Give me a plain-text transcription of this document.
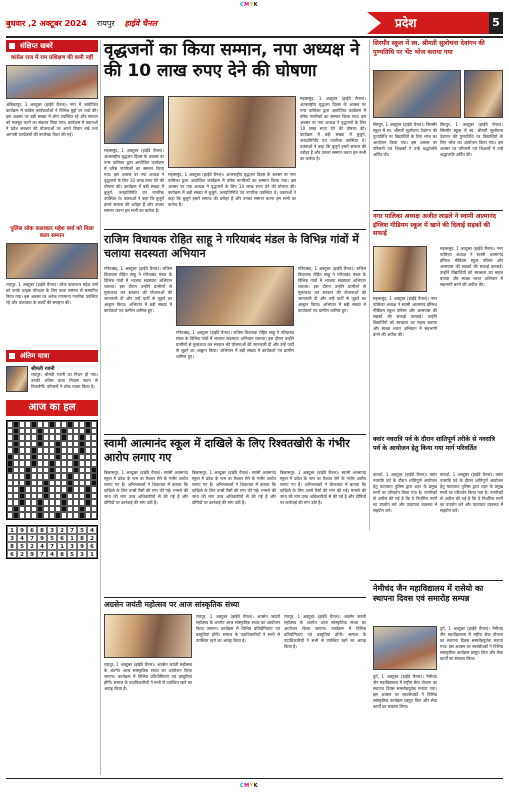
CMYK
CMYK
बुधवार ,2 अक्टूबर 2024 रायपुर हाईवे चैनल	प्रदेश	5
संक्षिप्त खबरें
कांग्रेस राज में राम प्रशिक्षण की कमी नहीं
अंबिकापुर, 1 अक्टूबर (हाईवे चैनल)। नगर में आयोजित कार्यक्रम में कांग्रेस कार्यकर्ताओं ने विभिन्न मुद्दों पर चर्चा की। इस अवसर पर बड़ी संख्या में लोग उपस्थित रहे और संगठन को मजबूत करने का संकल्प लिया गया। कार्यक्रम में वक्ताओं ने प्रदेश सरकार की योजनाओं पर अपने विचार रखे तथा आगामी कार्यक्रमों की रूपरेखा तैयार की गई।
पुलिस लोक कलाकार महेश वर्मा को मिला कला सम्मान
रायपुर, 1 अक्टूबर (हाईवे चैनल)। लोक कलाकार महेश वर्मा को उनके उत्कृष्ट योगदान के लिए कला सम्मान से सम्मानित किया गया। इस अवसर पर अनेक गणमान्य नागरिक उपस्थित रहे और कलाकार के कार्यों की सराहना की।
अंतिम यात्रा
श्रीमती रजनी
रायपुर। श्रीमती रजनी का निधन हो गया। उनकी अंतिम यात्रा निवास स्थान से निकलेगी। परिजनों ने शोक व्यक्त किया है।
आज का हल
1	9	6	8	3	2	7	5	4
3	4	7	9	5	6	1	8	2
8	5	2	4	7	1	3	9	6
6	2	9	7	4	8	5	3	1
वृद्धजनों का किया सम्मान, नपा अध्यक्ष ने की 10 लाख रुपए देने की घोषणा
महासमुंद, 1 अक्टूबर (हाईवे चैनल)। अंतरराष्ट्रीय वृद्धजन दिवस के अवसर पर नगर पालिका द्वारा आयोजित कार्यक्रम में वरिष्ठ नागरिकों का सम्मान किया गया। इस अवसर पर नपा अध्यक्ष ने वृद्धजनों के लिए 10 लाख रुपए देने की घोषणा की। कार्यक्रम में बड़ी संख्या में बुजुर्ग, जनप्रतिनिधि एवं नागरिक उपस्थित थे। वक्ताओं ने कहा कि बुजुर्ग हमारे समाज की धरोहर हैं और उनका सम्मान करना हम सभी का कर्तव्य है।
महासमुंद, 1 अक्टूबर (हाईवे चैनल)। अंतरराष्ट्रीय वृद्धजन दिवस के अवसर पर नगर पालिका द्वारा आयोजित कार्यक्रम में वरिष्ठ नागरिकों का सम्मान किया गया। इस अवसर पर नपा अध्यक्ष ने वृद्धजनों के लिए 10 लाख रुपए देने की घोषणा की। कार्यक्रम में बड़ी संख्या में बुजुर्ग, जनप्रतिनिधि एवं नागरिक उपस्थित थे। वक्ताओं ने कहा कि बुजुर्ग हमारे समाज की धरोहर हैं और उनका सम्मान करना हम सभी का कर्तव्य है।
महासमुंद, 1 अक्टूबर (हाईवे चैनल)। अंतरराष्ट्रीय वृद्धजन दिवस के अवसर पर नगर पालिका द्वारा आयोजित कार्यक्रम में वरिष्ठ नागरिकों का सम्मान किया गया। इस अवसर पर नपा अध्यक्ष ने वृद्धजनों के लिए 10 लाख रुपए देने की घोषणा की। कार्यक्रम में बड़ी संख्या में बुजुर्ग, जनप्रतिनिधि एवं नागरिक उपस्थित थे। वक्ताओं ने कहा कि बुजुर्ग हमारे समाज की धरोहर हैं और उनका सम्मान करना हम सभी का कर्तव्य है।
राजिम विधायक रोहित साहू ने गरियाबंद मंडल के विभिन्न गांवों में चलाया सदस्यता अभियान
गरियाबंद, 1 अक्टूबर (हाईवे चैनल)। राजिम विधायक रोहित साहू ने गरियाबंद मंडल के विभिन्न गांवों में भाजपा सदस्यता अभियान चलाया। इस दौरान उन्होंने ग्रामीणों से मुलाकात कर सरकार की योजनाओं की जानकारी दी और उन्हें पार्टी से जुड़ने का आह्वान किया। अभियान में बड़ी संख्या में कार्यकर्ता एवं ग्रामीण शामिल हुए।
गरियाबंद, 1 अक्टूबर (हाईवे चैनल)। राजिम विधायक रोहित साहू ने गरियाबंद मंडल के विभिन्न गांवों में भाजपा सदस्यता अभियान चलाया। इस दौरान उन्होंने ग्रामीणों से मुलाकात कर सरकार की योजनाओं की जानकारी दी और उन्हें पार्टी से जुड़ने का आह्वान किया। अभियान में बड़ी संख्या में कार्यकर्ता एवं ग्रामीण शामिल हुए।
गरियाबंद, 1 अक्टूबर (हाईवे चैनल)। राजिम विधायक रोहित साहू ने गरियाबंद मंडल के विभिन्न गांवों में भाजपा सदस्यता अभियान चलाया। इस दौरान उन्होंने ग्रामीणों से मुलाकात कर सरकार की योजनाओं की जानकारी दी और उन्हें पार्टी से जुड़ने का आह्वान किया। अभियान में बड़ी संख्या में कार्यकर्ता एवं ग्रामीण शामिल हुए।
स्वामी आत्मानंद स्कूल में दाखिले के लिए रिश्वतखोरी के गंभीर आरोप लगाए गए
बिलासपुर, 1 अक्टूबर (हाईवे चैनल)। स्वामी आत्मानंद स्कूल में प्रवेश के नाम पर रिश्वत लेने के गंभीर आरोप लगाए गए हैं। अभिभावकों ने शिकायत में बताया कि दाखिले के लिए उनसे पैसों की मांग की गई। मामले की जांच की मांग उच्च अधिकारियों से की गई है और दोषियों पर कार्रवाई की मांग उठी है।
बिलासपुर, 1 अक्टूबर (हाईवे चैनल)। स्वामी आत्मानंद स्कूल में प्रवेश के नाम पर रिश्वत लेने के गंभीर आरोप लगाए गए हैं। अभिभावकों ने शिकायत में बताया कि दाखिले के लिए उनसे पैसों की मांग की गई। मामले की जांच की मांग उच्च अधिकारियों से की गई है और दोषियों पर कार्रवाई की मांग उठी है।
बिलासपुर, 1 अक्टूबर (हाईवे चैनल)। स्वामी आत्मानंद स्कूल में प्रवेश के नाम पर रिश्वत लेने के गंभीर आरोप लगाए गए हैं। अभिभावकों ने शिकायत में बताया कि दाखिले के लिए उनसे पैसों की मांग की गई। मामले की जांच की मांग उच्च अधिकारियों से की गई है और दोषियों पर कार्रवाई की मांग उठी है।
अग्रसेन जयंती महोत्सव पर आज सांस्कृतिक संध्या
रायपुर, 1 अक्टूबर (हाईवे चैनल)। अग्रसेन जयंती महोत्सव के अंतर्गत आज सांस्कृतिक संध्या का आयोजन किया जाएगा। कार्यक्रम में विभिन्न प्रतियोगिताएं एवं प्रस्तुतियां होंगी। समाज के पदाधिकारियों ने सभी से उपस्थित रहने का आग्रह किया है।
रायपुर, 1 अक्टूबर (हाईवे चैनल)। अग्रसेन जयंती महोत्सव के अंतर्गत आज सांस्कृतिक संध्या का आयोजन किया जाएगा। कार्यक्रम में विभिन्न प्रतियोगिताएं एवं प्रस्तुतियां होंगी। समाज के पदाधिकारियों ने सभी से उपस्थित रहने का आग्रह किया है।
रायपुर, 1 अक्टूबर (हाईवे चैनल)। अग्रसेन जयंती महोत्सव के अंतर्गत आज सांस्कृतिक संध्या का आयोजन किया जाएगा। कार्यक्रम में विभिन्न प्रतियोगिताएं एवं प्रस्तुतियां होंगी। समाज के पदाधिकारियों ने सभी से उपस्थित रहने का आग्रह किया है।
सिरमौर स्कूल में स्व. श्रीमती सुलोचना देवांगन की पुण्यतिथि पर भेंट भोज कराया गया
सिरपुर, 1 अक्टूबर (हाईवे चैनल)। सिरमौर स्कूल में स्व. श्रीमती सुलोचना देवांगन की पुण्यतिथि पर विद्यार्थियों के लिए भोज का आयोजन किया गया। इस अवसर पर परिजनों एवं शिक्षकों ने उन्हें श्रद्धांजलि अर्पित की।
सिरपुर, 1 अक्टूबर (हाईवे चैनल)। सिरमौर स्कूल में स्व. श्रीमती सुलोचना देवांगन की पुण्यतिथि पर विद्यार्थियों के लिए भोज का आयोजन किया गया। इस अवसर पर परिजनों एवं शिक्षकों ने उन्हें श्रद्धांजलि अर्पित की।
नगर पालिका अध्यक्ष अजीत लाडले ने स्वामी आत्मानंद इंग्लिश मीडियम स्कूल में खाने की दिलाई सड़कों की सफाई
महासमुंद, 1 अक्टूबर (हाईवे चैनल)। नगर पालिका अध्यक्ष ने स्वामी आत्मानंद इंग्लिश मीडियम स्कूल परिसर और आसपास की सड़कों की सफाई करवाई। उन्होंने विद्यार्थियों को स्वच्छता का महत्व बताया और स्वच्छ भारत अभियान में सहभागी बनने की अपील की।
महासमुंद, 1 अक्टूबर (हाईवे चैनल)। नगर पालिका अध्यक्ष ने स्वामी आत्मानंद इंग्लिश मीडियम स्कूल परिसर और आसपास की सड़कों की सफाई करवाई। उन्होंने विद्यार्थियों को स्वच्छता का महत्व बताया और स्वच्छ भारत अभियान में सहभागी बनने की अपील की।
क्वांर नवरात्रि पर्व के दौरान शांतिपूर्ण तरीके से नवरात्रि पर्व के आयोजन हेतु किया गया मार्ग परिवर्तित
कवर्धा, 1 अक्टूबर (हाईवे चैनल)। क्वांर नवरात्रि पर्व के दौरान शांतिपूर्ण आयोजन हेतु यातायात पुलिस द्वारा शहर के प्रमुख मार्गों पर परिवर्तन किया गया है। नागरिकों से अपील की गई है कि वे निर्धारित मार्गों का उपयोग करें और यातायात व्यवस्था में सहयोग करें।
कवर्धा, 1 अक्टूबर (हाईवे चैनल)। क्वांर नवरात्रि पर्व के दौरान शांतिपूर्ण आयोजन हेतु यातायात पुलिस द्वारा शहर के प्रमुख मार्गों पर परिवर्तन किया गया है। नागरिकों से अपील की गई है कि वे निर्धारित मार्गों का उपयोग करें और यातायात व्यवस्था में सहयोग करें।
नेमीचंद जैन महाविद्यालय में रासेयो का स्थापना दिवस एवं समारोह सम्पन्न
दुर्ग, 1 अक्टूबर (हाईवे चैनल)। नेमीचंद जैन महाविद्यालय में राष्ट्रीय सेवा योजना का स्थापना दिवस समारोहपूर्वक मनाया गया। इस अवसर पर स्वयंसेवकों ने विभिन्न सांस्कृतिक कार्यक्रम प्रस्तुत किए और सेवा कार्यों का संकल्प लिया।
दुर्ग, 1 अक्टूबर (हाईवे चैनल)। नेमीचंद जैन महाविद्यालय में राष्ट्रीय सेवा योजना का स्थापना दिवस समारोहपूर्वक मनाया गया। इस अवसर पर स्वयंसेवकों ने विभिन्न सांस्कृतिक कार्यक्रम प्रस्तुत किए और सेवा कार्यों का संकल्प लिया।
